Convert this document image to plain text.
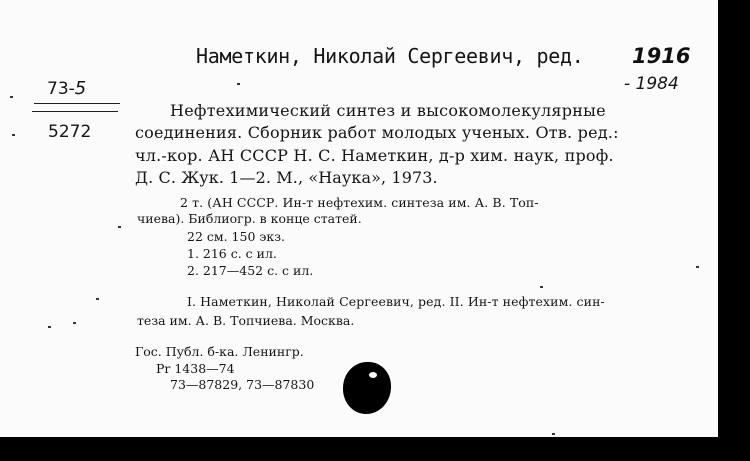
Наметкин, Николай Сергеевич, ред. 1916
- 1984
73-5
5272
Нефтехимический синтез и высокомолекулярные
соединения. Сборник работ молодых ученых. Отв. ред.:
чл.-кор. АН СССР Н. С. Наметкин, д-р хим. наук, проф.
Д. С. Жук. 1—2. М., «Наука», 1973.
2 т. (АН СССР. Ин-т нефтехим. синтеза им. А. В. Топ-
чиева). Библиогр. в конце статей.
22 см. 150 экз.
1. 216 с. с ил.
2. 217—452 с. с ил.
I. Наметкин, Николай Сергеевич, ред. II. Ин-т нефтехим. син-
теза им. А. В. Топчиева. Москва.
Гос. Публ. б-ка. Ленингр.
Pr 1438—74
73—87829, 73—87830
